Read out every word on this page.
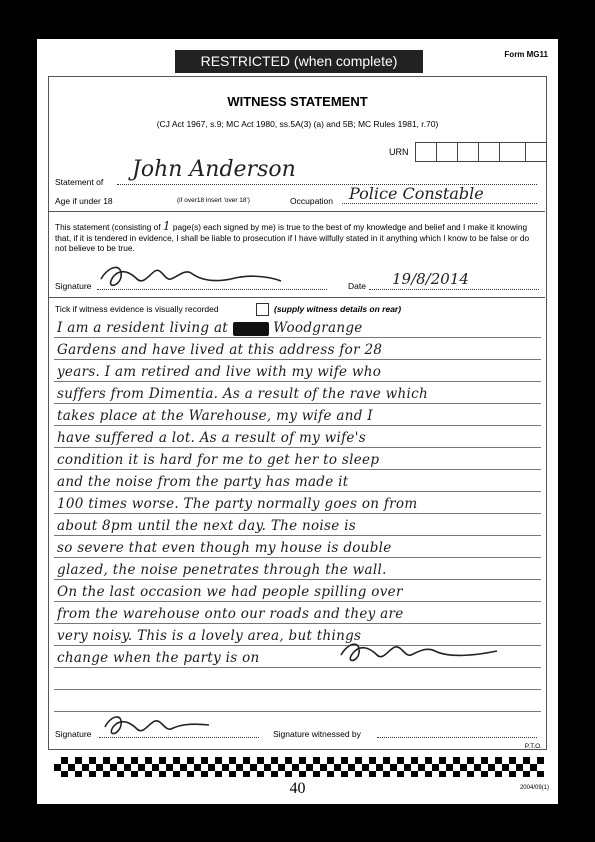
RESTRICTED (when complete)	Form MG11
WITNESS STATEMENT
(CJ Act 1967, s.9; MC Act 1980, ss.5A(3) (a) and 5B; MC Rules 1981, r.70)
URN
Statement of John Anderson
Age if under 18	(if over18 insert 'over 18')	Occupation Police Constable
This statement (consisting of 1 page(s) each signed by me) is true to the best of my knowledge and belief and I make it knowing that, if it is tendered in evidence, I shall be liable to prosecution if I have wilfully stated in it anything which I know to be false or do not believe to be true.
Signature	Date 19/8/2014
Tick if witness evidence is visually recorded	(supply witness details on rear)
I am a resident living at	Woodgrange
Gardens and have lived at this address for 28
years. I am retired and live with my wife who
suffers from Dimentia. As a result of the rave which
takes place at the Warehouse, my wife and I
have suffered a lot. As a result of my wife's
condition it is hard for me to get her to sleep
and the noise from the party has made it
100 times worse. The party normally goes on from
about 8pm until the next day. The noise is
so severe that even though my house is double
glazed, the noise penetrates through the wall.
On the last occasion we had people spilling over
from the warehouse onto our roads and they are
very noisy. This is a lovely area, but things
change when the party is on
Signature	Signature witnessed by
P.T.O.
40	2004/09(1)
